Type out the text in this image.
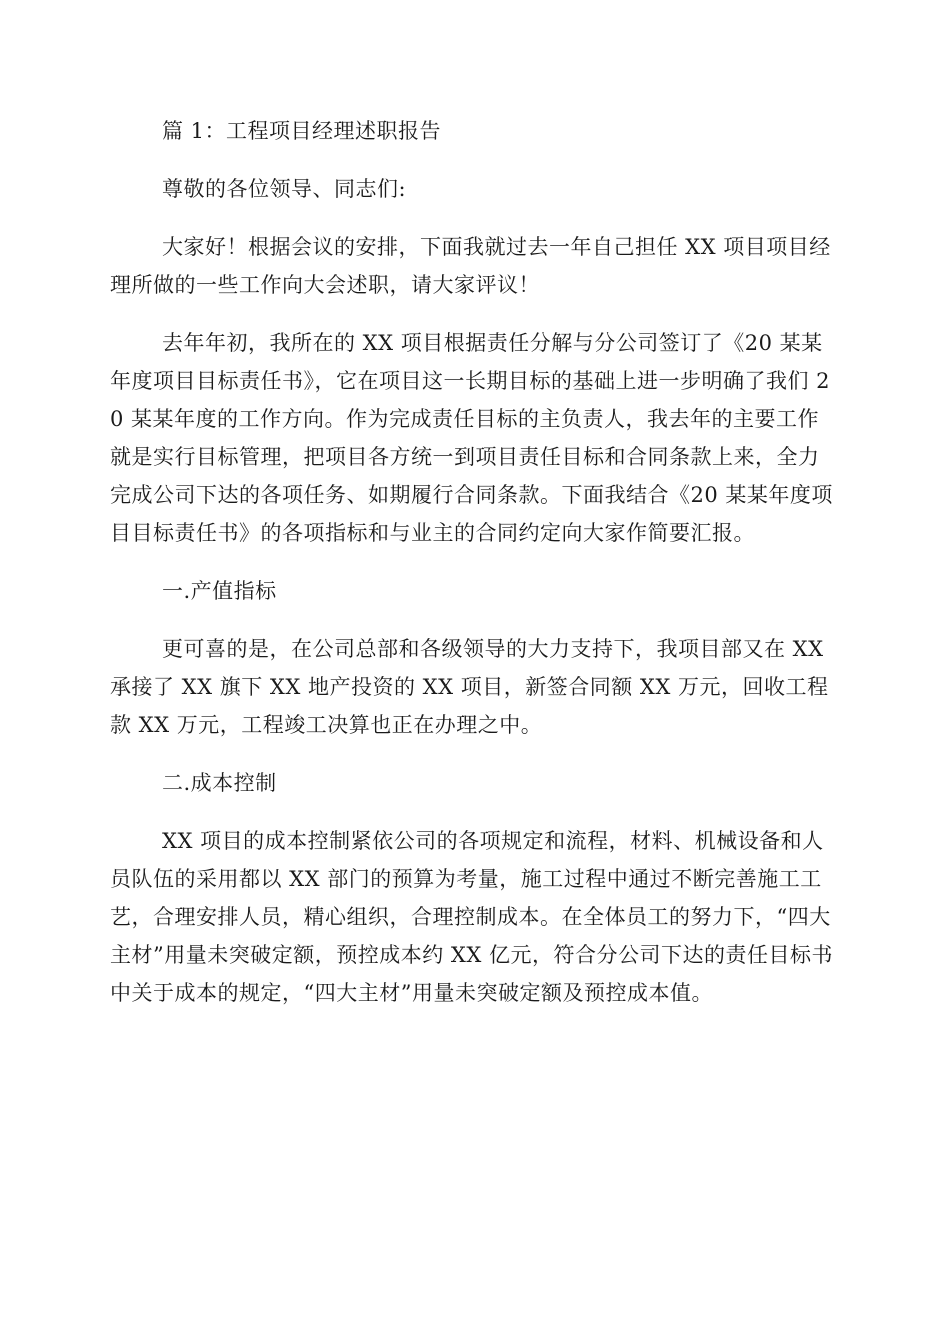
篇 1：工程项目经理述职报告

尊敬的各位领导、同志们:

大家好！根据会议的安排，下面我就过去一年自己担任 XX 项目项目经理所做的一些工作向大会述职，请大家评议！

去年年初，我所在的 XX 项目根据责任分解与分公司签订了《20 某某年度项目目标责任书》，它在项目这一长期目标的基础上进一步明确了我们 20 某某年度的工作方向。作为完成责任目标的主负责人，我去年的主要工作就是实行目标管理，把项目各方统一到项目责任目标和合同条款上来，全力完成公司下达的各项任务、如期履行合同条款。下面我结合《20 某某年度项目目标责任书》的各项指标和与业主的合同约定向大家作简要汇报。

一.产值指标

更可喜的是，在公司总部和各级领导的大力支持下，我项目部又在 XX 承接了 XX 旗下 XX 地产投资的 XX 项目，新签合同额 XX 万元，回收工程款 XX 万元，工程竣工决算也正在办理之中。

二.成本控制

XX 项目的成本控制紧依公司的各项规定和流程，材料、机械设备和人员队伍的采用都以 XX 部门的预算为考量，施工过程中通过不断完善施工工艺，合理安排人员，精心组织，合理控制成本。在全体员工的努力下，“四大主材”用量未突破定额，预控成本约 XX 亿元，符合分公司下达的责任目标书中关于成本的规定，“四大主材”用量未突破定额及预控成本值。
